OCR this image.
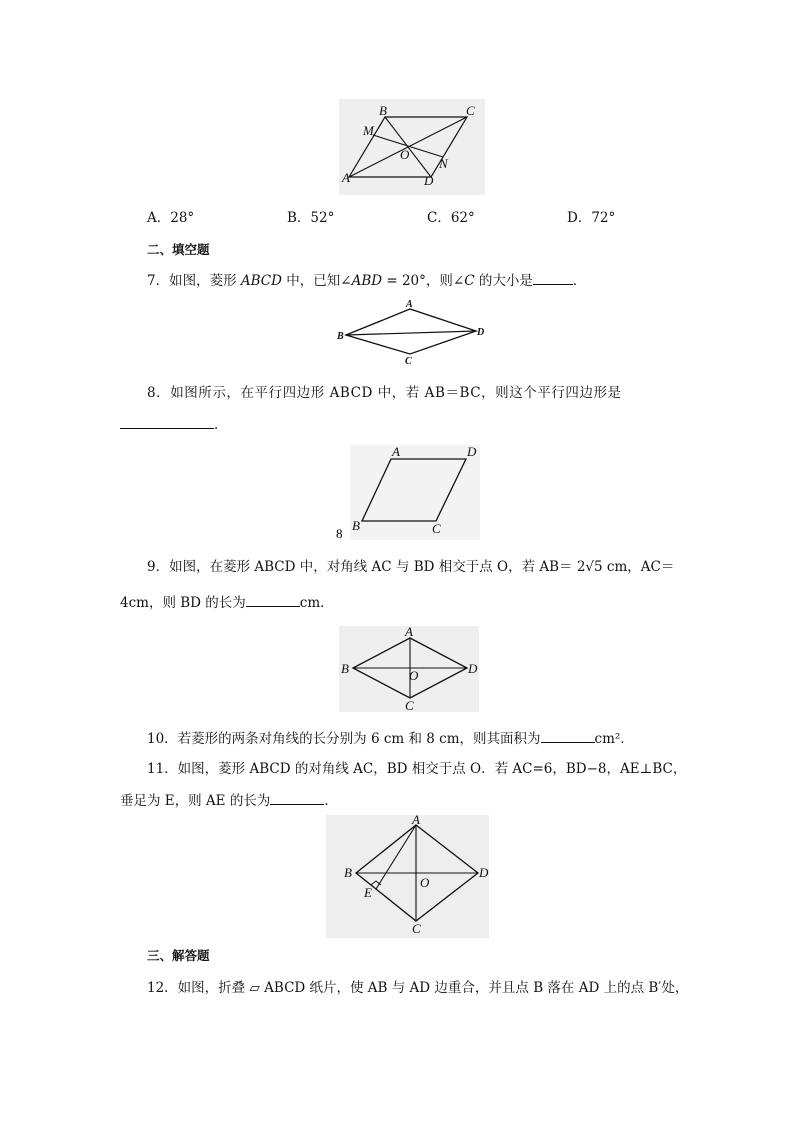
B	C
M
O
N
A	D
A．28°	B．52°	C．62°	D．72°
二、填空题
7．如图，菱形 ABCD 中，已知∠ABD = 20°，则∠C 的大小是	．
A
B
C
D
8．如图所示，在平行四边形 ABCD 中，若 AB＝BC，则这个平行四边形是
．
A	D
B	C
8
9．如图，在菱形 ABCD 中，对角线 AC 与 BD 相交于点 O，若 AB＝ 2√5 cm，AC＝
4cm，则 BD 的长为	cm．
A
B	O	D
C
10．若菱形的两条对角线的长分别为 6 cm 和 8 cm，则其面积为	cm²．
11．如图，菱形 ABCD 的对角线 AC，BD 相交于点 O．若 AC=6，BD−8，AE⊥BC，
垂足为 E，则 AE 的长为	．
A
B
E
O
D
C
三、解答题
12．如图，折叠 ▱ ABCD 纸片，使 AB 与 AD 边重合，并且点 B 落在 AD 上的点 B′处，
